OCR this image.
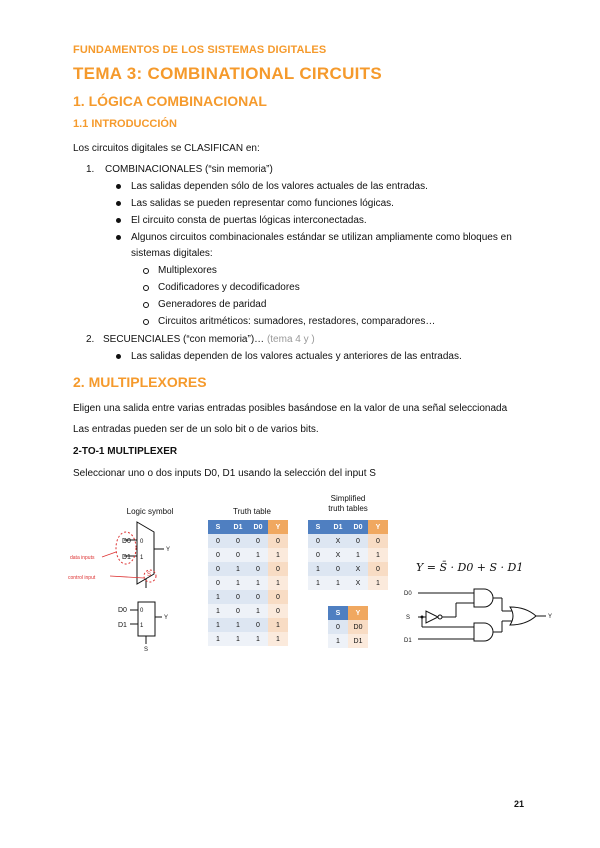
FUNDAMENTOS DE LOS SISTEMAS DIGITALES
TEMA 3: COMBINATIONAL CIRCUITS
1. LÓGICA COMBINACIONAL
1.1 INTRODUCCIÓN
Los circuitos digitales se CLASIFICAN en:
1. COMBINACIONALES (“sin memoria”)
Las salidas dependen sólo de los valores actuales de las entradas.
Las salidas se pueden representar como funciones lógicas.
El circuito consta de puertas lógicas interconectadas.
Algunos circuitos combinacionales estándar se utilizan ampliamente como bloques en
sistemas digitales:
Multiplexores
Codificadores y decodificadores
Generadores de paridad
Circuitos aritméticos: sumadores, restadores, comparadores…
2. SECUENCIALES (“con memoria”)… (tema 4 y )
Las salidas dependen de los valores actuales y anteriores de las entradas.
2. MULTIPLEXORES
Eligen una salida entre varias entradas posibles basándose en la valor de una señal seleccionada
Las entradas pueden ser de un solo bit o de varios bits.
2-TO-1 MULTIPLEXER
Seleccionar uno o dos inputs D0, D1 usando la selección del input S
Logic symbol	Truth table
Simplified
truth tables
D0
D1
0
1
Y
S
data inputs
control input
D0
D1
0
1
Y
S
S	D1	D0	Y
0	0	0	0
0	0	1	1
0	1	0	0
0	1	1	1
1	0	0	0
1	0	1	0
1	1	0	1
1	1	1	1
S	D1	D0	Y
0	X	0	0
0	X	1	1
1	0	X	0
1	1	X	1
S	Y
0	D0
1	D1
Y = S̄ · D0 + S · D1
D0
S
D1
Y
21
